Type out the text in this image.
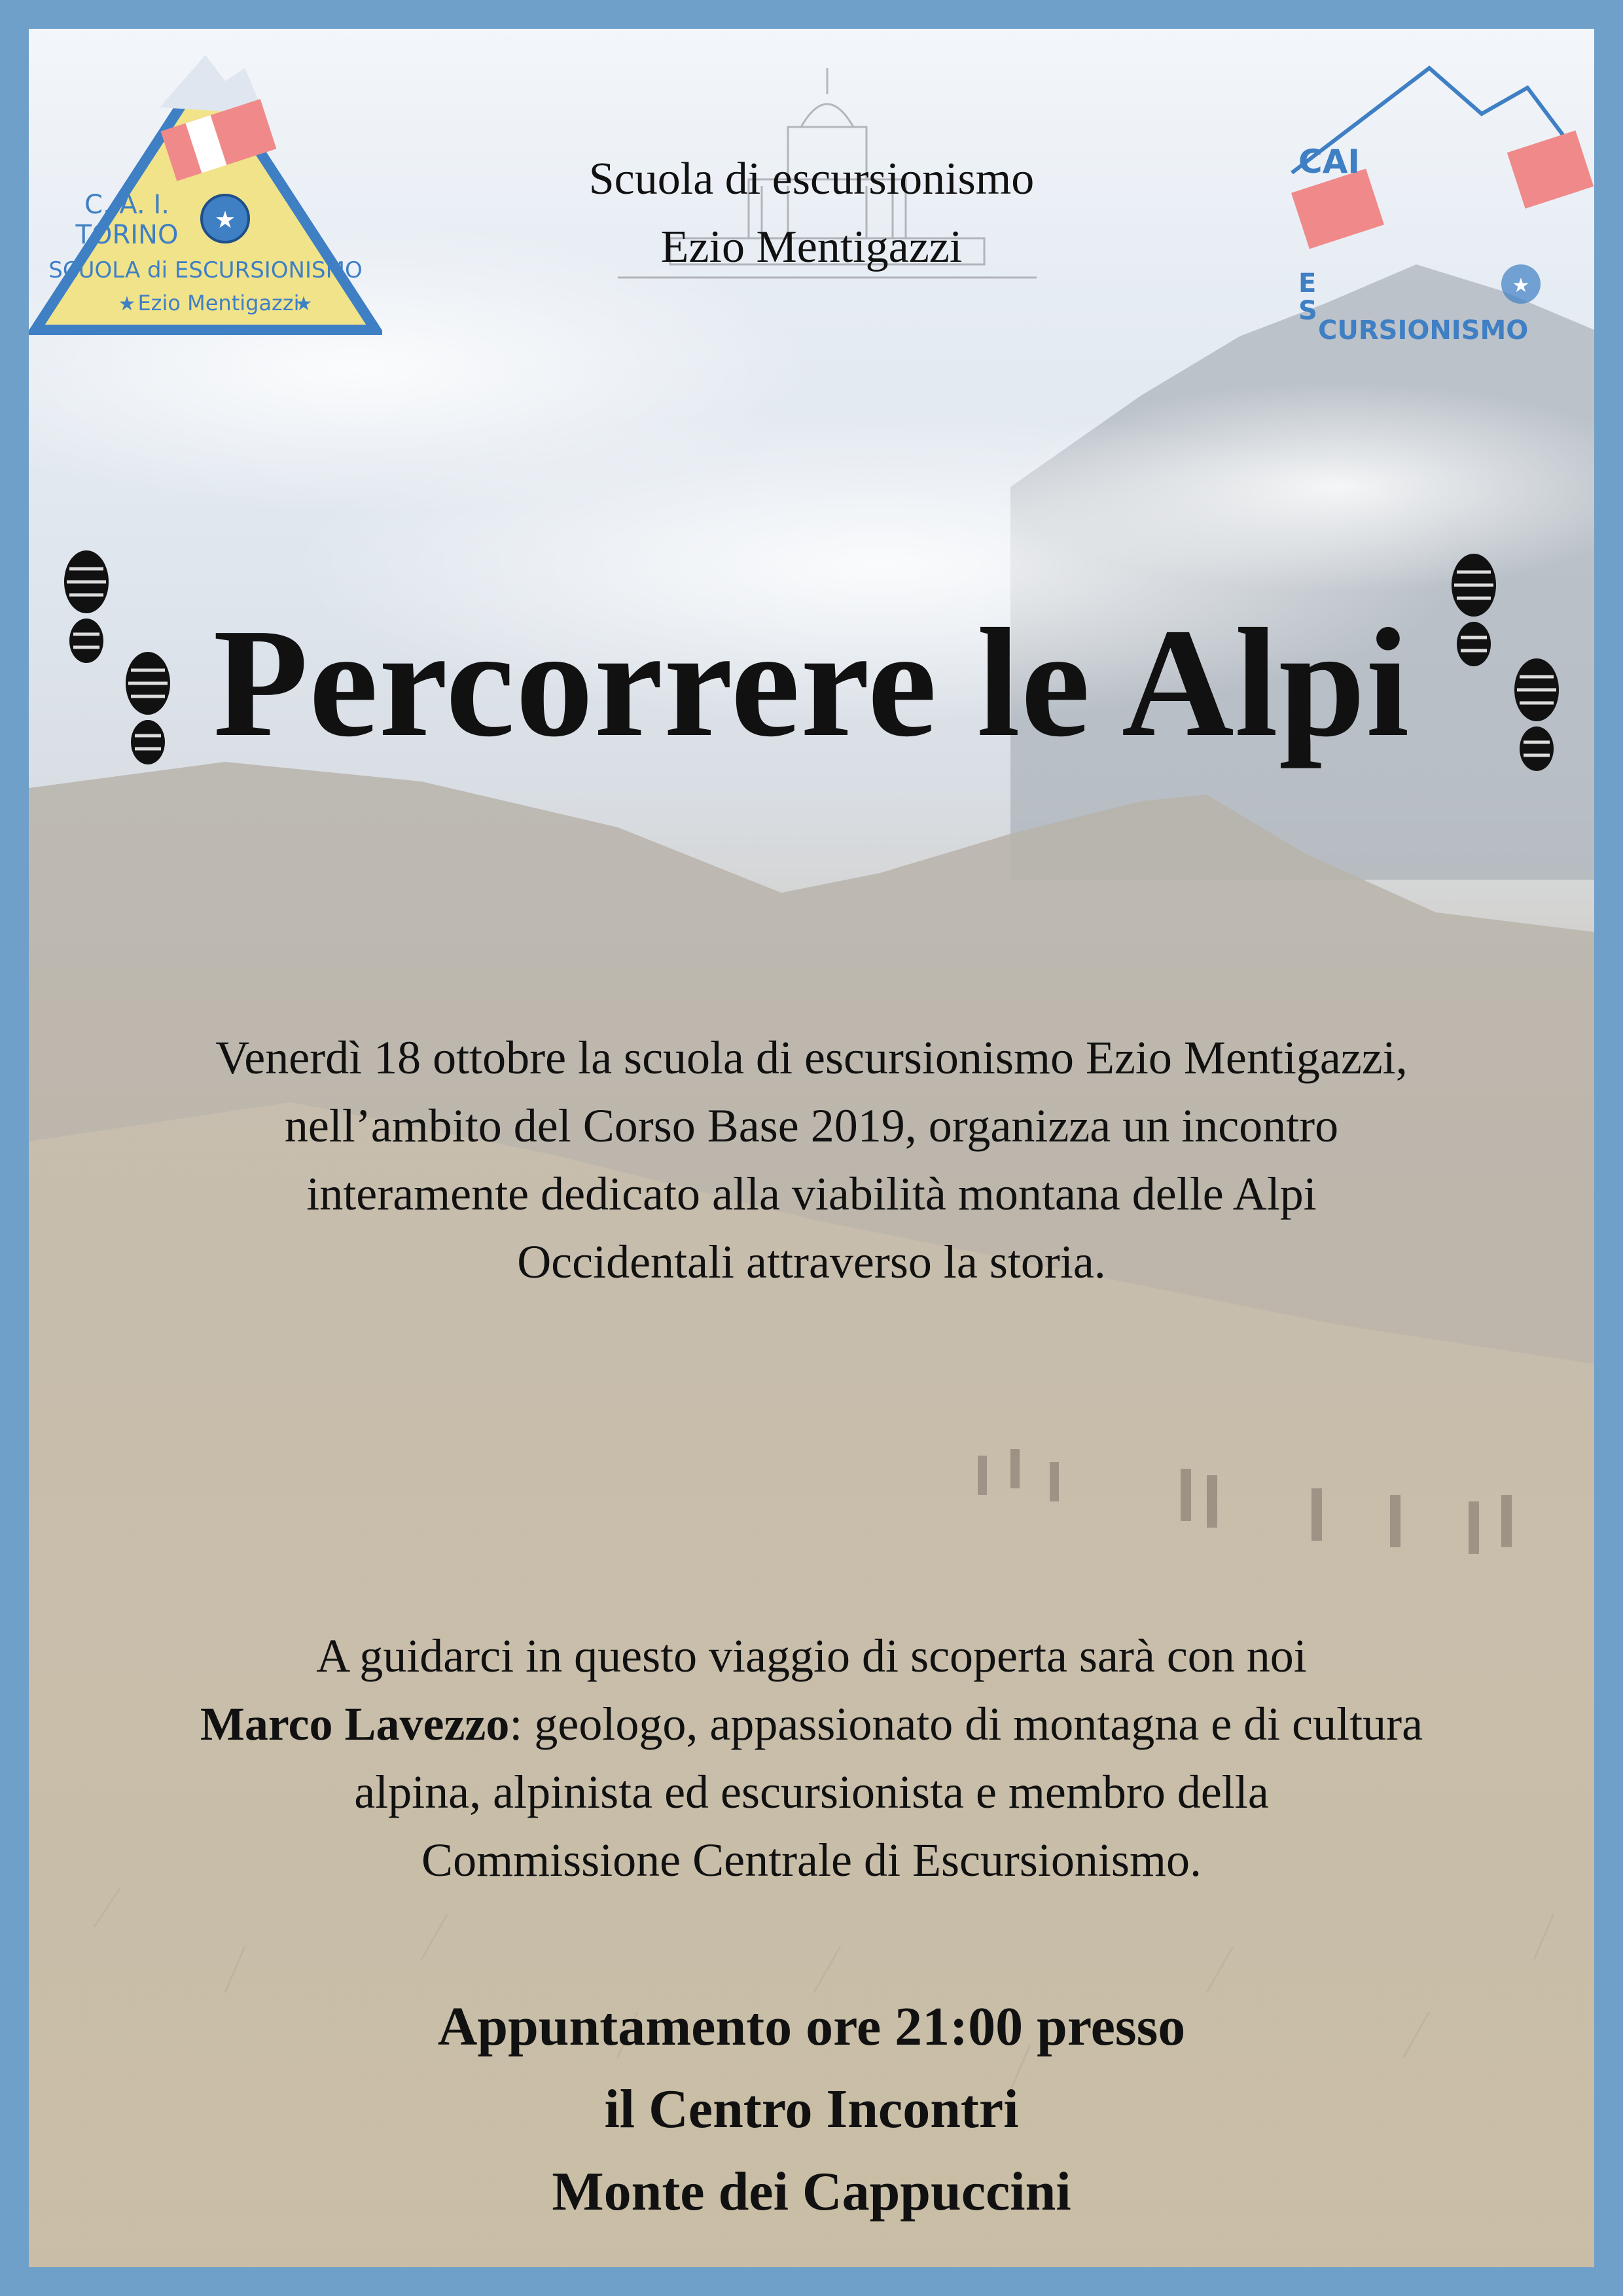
★
C. A. I.
TORINO
SCUOLA di ESCURSIONISMO
★ Ezio Mentigazzi
★
CAI
E
S
CURSIONISMO
★
Scuola di escursionismo
Ezio Mentigazzi
Percorrere le Alpi
Venerdì 18 ottobre la scuola di escursionismo Ezio Mentigazzi,
nell’ambito del Corso Base 2019, organizza un incontro
interamente dedicato alla viabilità montana delle Alpi
Occidentali attraverso la storia.
A guidarci in questo viaggio di scoperta sarà con noi
Marco Lavezzo: geologo, appassionato di montagna e di cultura
alpina, alpinista ed escursionista e membro della
Commissione Centrale di Escursionismo.
Appuntamento ore 21:00 presso
il Centro Incontri
Monte dei Cappuccini
